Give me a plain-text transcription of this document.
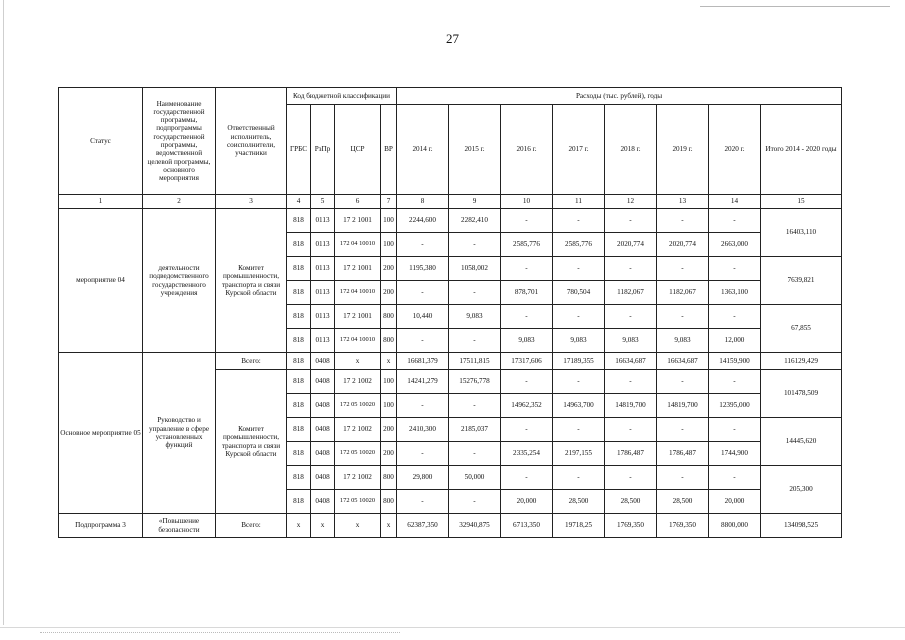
27
Статус	Наименование государственной программы, подпрограммы государственной программы, ведомственной целевой программы, основного мероприятия	Ответственный исполнитель, соисполнители, участники	Код бюджетной классификации				Расходы (тыс. рублей), годы							
			ГРБС	РзПр	ЦСР	ВР	2014 г.	2015 г.	2016 г.	2017 г.	2018 г.	2019 г.	2020 г.	Итого 2014 - 2020 годы
1	2	3	4	5	6	7	8	9	10	11	12	13	14	15
мероприятие 04	деятельности подведомственного государственного учреждения	Комитет промышленности, транспорта и связи Курской области	818	0113	17 2 1001	100	2244,600	2282,410	-	-	-	-	-	16403,110
			818	0113	172 04 10010	100	-	-	2585,776	2585,776	2020,774	2020,774	2663,000	
			818	0113	17 2 1001	200	1195,380	1058,002	-	-	-	-	-	7639,821
			818	0113	172 04 10010	200	-	-	878,701	780,504	1182,067	1182,067	1363,100	
			818	0113	17 2 1001	800	10,440	9,083	-	-	-	-	-	67,855
			818	0113	172 04 10010	800	-	-	9,083	9,083	9,083	9,083	12,000	
Основное мероприятие 05	Руководство и управление в сфере установленных функций	Всего:	818	0408	x	x	16681,379	17511,815	17317,606	17189,355	16634,687	16634,687	14159,900	116129,429
		Комитет промышленности, транспорта и связи Курской области	818	0408	17 2 1002	100	14241,279	15276,778	-	-	-	-	-	101478,509
			818	0408	172 05 10020	100	-	-	14962,352	14963,700	14819,700	14819,700	12395,000	
			818	0408	17 2 1002	200	2410,300	2185,037	-	-	-	-	-	14445,620
			818	0408	172 05 10020	200	-	-	2335,254	2197,155	1786,487	1786,487	1744,900	
			818	0408	17 2 1002	800	29,800	50,000	-	-	-	-	-	205,300
			818	0408	172 05 10020	800	-	-	20,000	28,500	28,500	28,500	20,000	
Подпрограмма 3	«Повышение безопасности	Всего:	x	x	x	x	62387,350	32940,875	6713,350	19718,25	1769,350	1769,350	8800,000	134098,525
